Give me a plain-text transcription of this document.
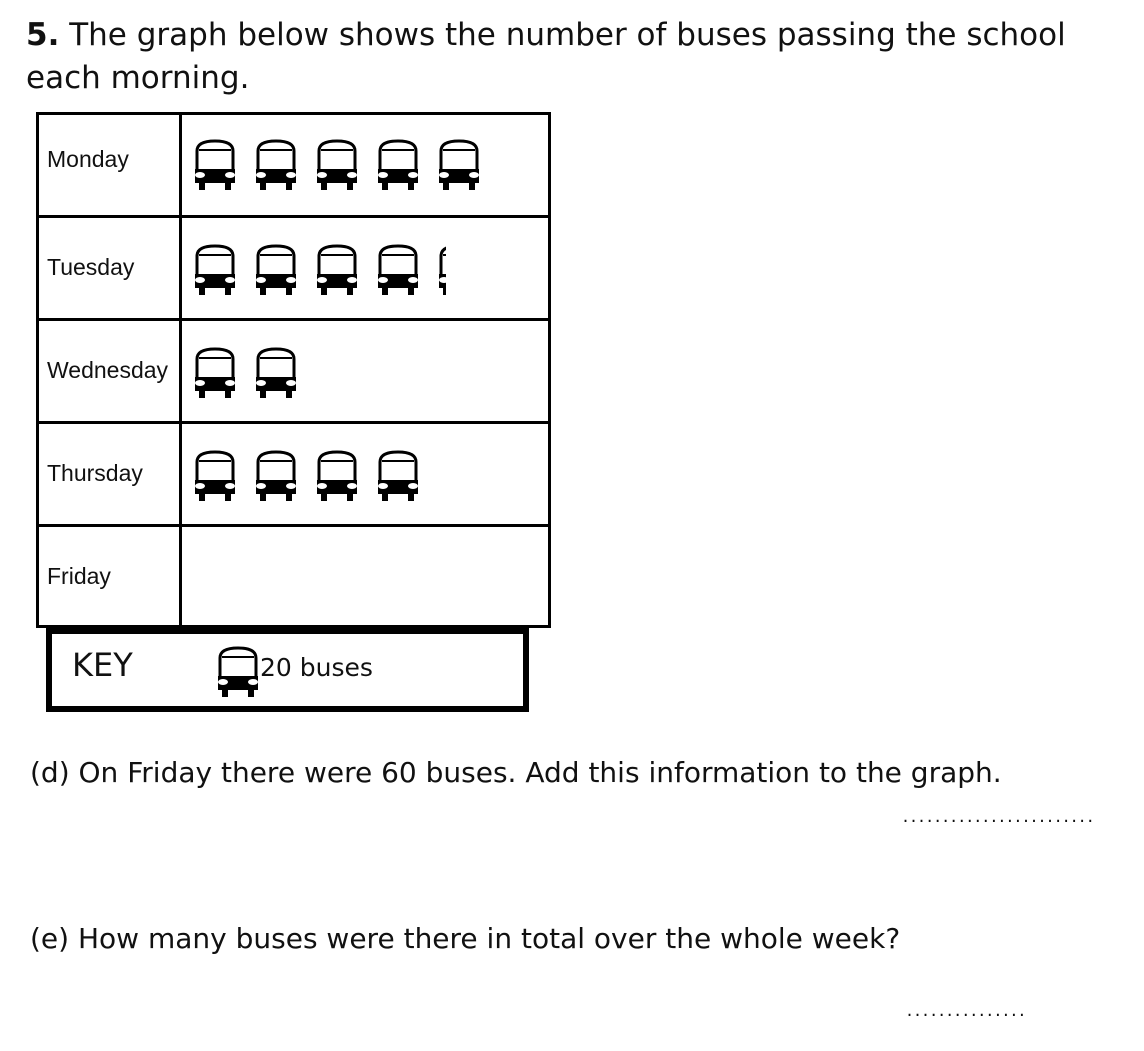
5. The graph below shows the number of buses passing the school each morning.

Monday
Tuesday
Wednesday
Thursday
Friday
KEY	20 buses

(d) On Friday there were 60 buses. Add this information to the graph.

........................

(e) How many buses were there in total over the whole week?

...............
